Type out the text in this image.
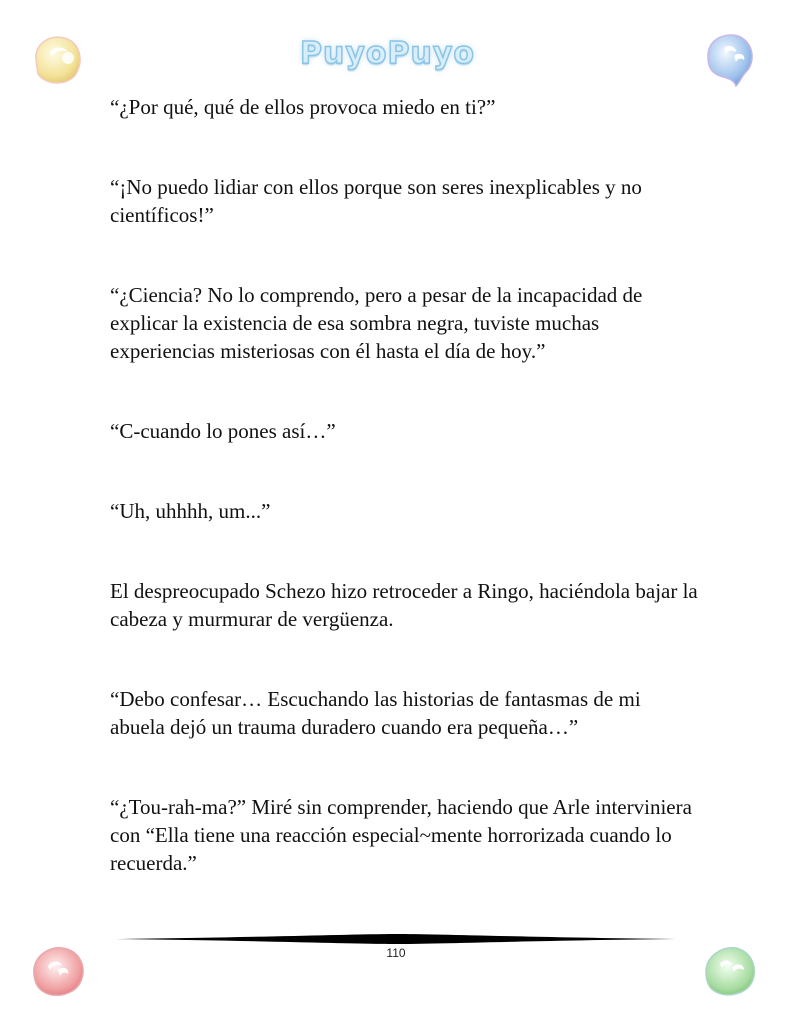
PuyoPuyo

“¿Por qué, qué de ellos provoca miedo en ti?”

“¡No puedo lidiar con ellos porque son seres inexplicables y no científicos!”

“¿Ciencia? No lo comprendo, pero a pesar de la incapacidad de explicar la existencia de esa sombra negra, tuviste muchas experiencias misteriosas con él hasta el día de hoy.”

“C-cuando lo pones así…”

“Uh, uhhhh, um...”

El despreocupado Schezo hizo retroceder a Ringo, haciéndola bajar la cabeza y murmurar de vergüenza.

“Debo confesar… Escuchando las historias de fantasmas de mi abuela dejó un trauma duradero cuando era pequeña…”

“¿Tou-rah-ma?” Miré sin comprender, haciendo que Arle interviniera con “Ella tiene una reacción especial~mente horrorizada cuando lo recuerda.”

110
